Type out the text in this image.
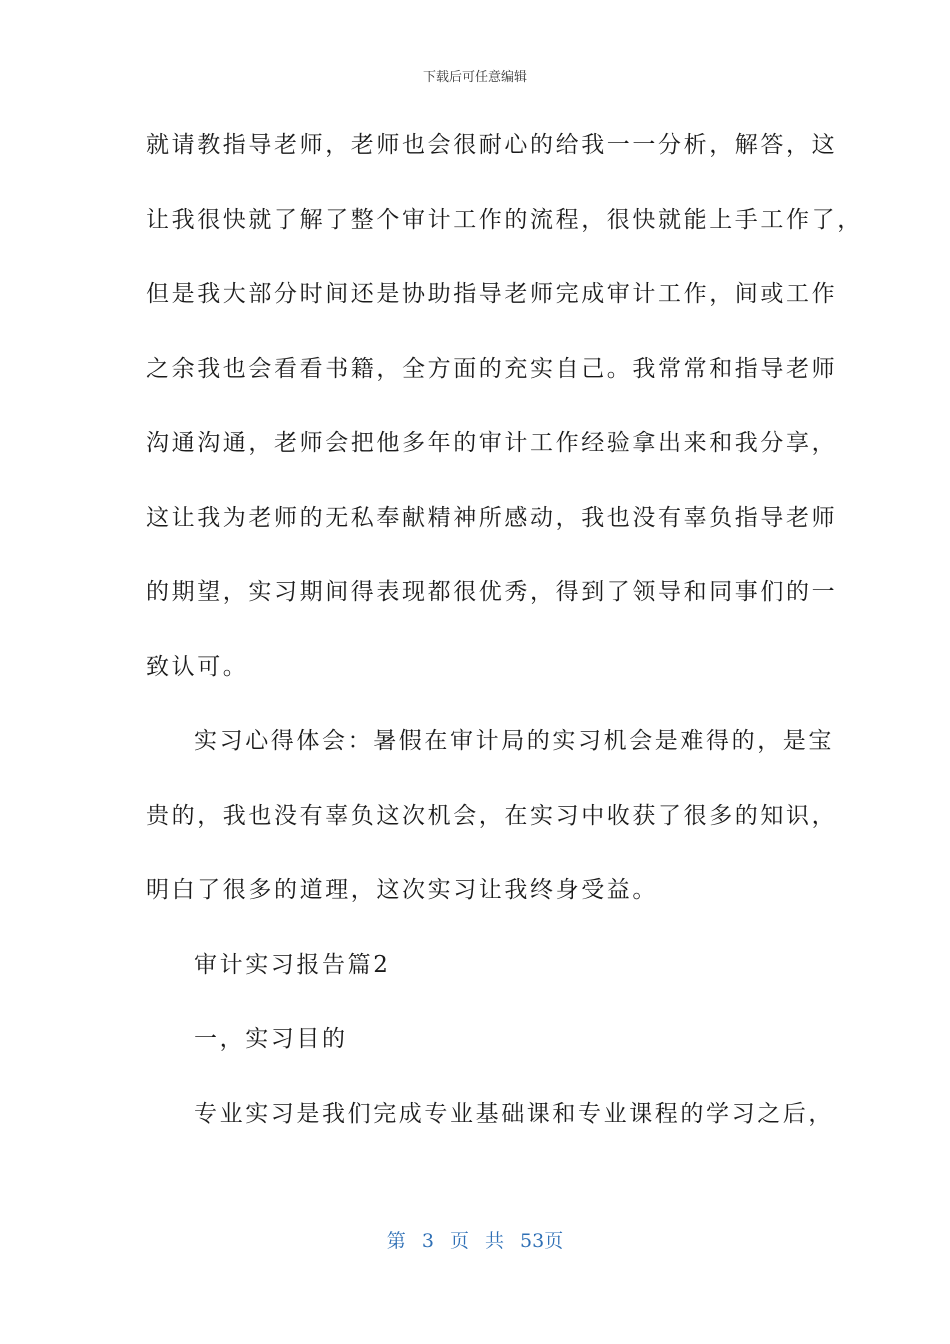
下载后可任意编辑
就请教指导老师，老师也会很耐心的给我一一分析，解答，这
让我很快就了解了整个审计工作的流程，很快就能上手工作了，
但是我大部分时间还是协助指导老师完成审计工作，间或工作
之余我也会看看书籍，全方面的充实自己。我常常和指导老师
沟通沟通，老师会把他多年的审计工作经验拿出来和我分享，
这让我为老师的无私奉献精神所感动，我也没有辜负指导老师
的期望，实习期间得表现都很优秀，得到了领导和同事们的一
致认可。
实习心得体会：暑假在审计局的实习机会是难得的，是宝
贵的，我也没有辜负这次机会，在实习中收获了很多的知识，
明白了很多的道理，这次实习让我终身受益。
审计实习报告篇2
一，实习目的
专业实习是我们完成专业基础课和专业课程的学习之后，
第 3 页 共 53页
